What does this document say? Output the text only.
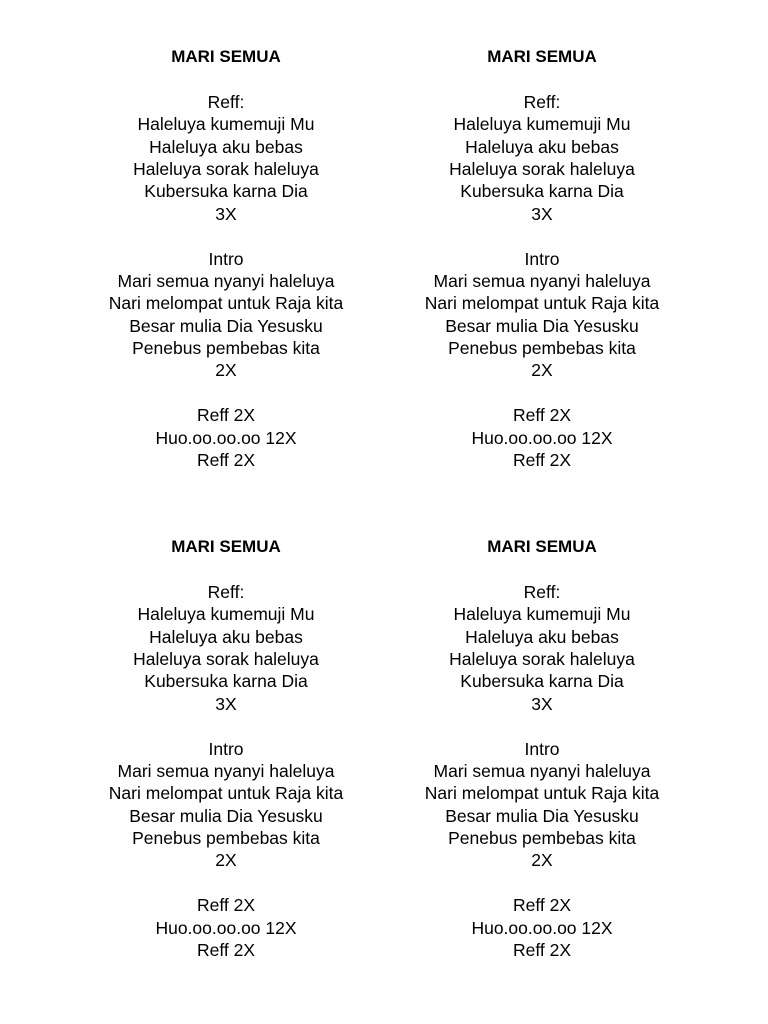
MARI SEMUA
Reff:
Haleluya kumemuji Mu
Haleluya aku bebas
Haleluya sorak haleluya
Kubersuka karna Dia
3X
Intro
Mari semua nyanyi haleluya
Nari melompat untuk Raja kita
Besar mulia Dia Yesusku
Penebus pembebas kita
2X
Reff 2X
Huo.oo.oo.oo 12X
Reff 2X
MARI SEMUA
Reff:
Haleluya kumemuji Mu
Haleluya aku bebas
Haleluya sorak haleluya
Kubersuka karna Dia
3X
Intro
Mari semua nyanyi haleluya
Nari melompat untuk Raja kita
Besar mulia Dia Yesusku
Penebus pembebas kita
2X
Reff 2X
Huo.oo.oo.oo 12X
Reff 2X
MARI SEMUA
Reff:
Haleluya kumemuji Mu
Haleluya aku bebas
Haleluya sorak haleluya
Kubersuka karna Dia
3X
Intro
Mari semua nyanyi haleluya
Nari melompat untuk Raja kita
Besar mulia Dia Yesusku
Penebus pembebas kita
2X
Reff 2X
Huo.oo.oo.oo 12X
Reff 2X
MARI SEMUA
Reff:
Haleluya kumemuji Mu
Haleluya aku bebas
Haleluya sorak haleluya
Kubersuka karna Dia
3X
Intro
Mari semua nyanyi haleluya
Nari melompat untuk Raja kita
Besar mulia Dia Yesusku
Penebus pembebas kita
2X
Reff 2X
Huo.oo.oo.oo 12X
Reff 2X
